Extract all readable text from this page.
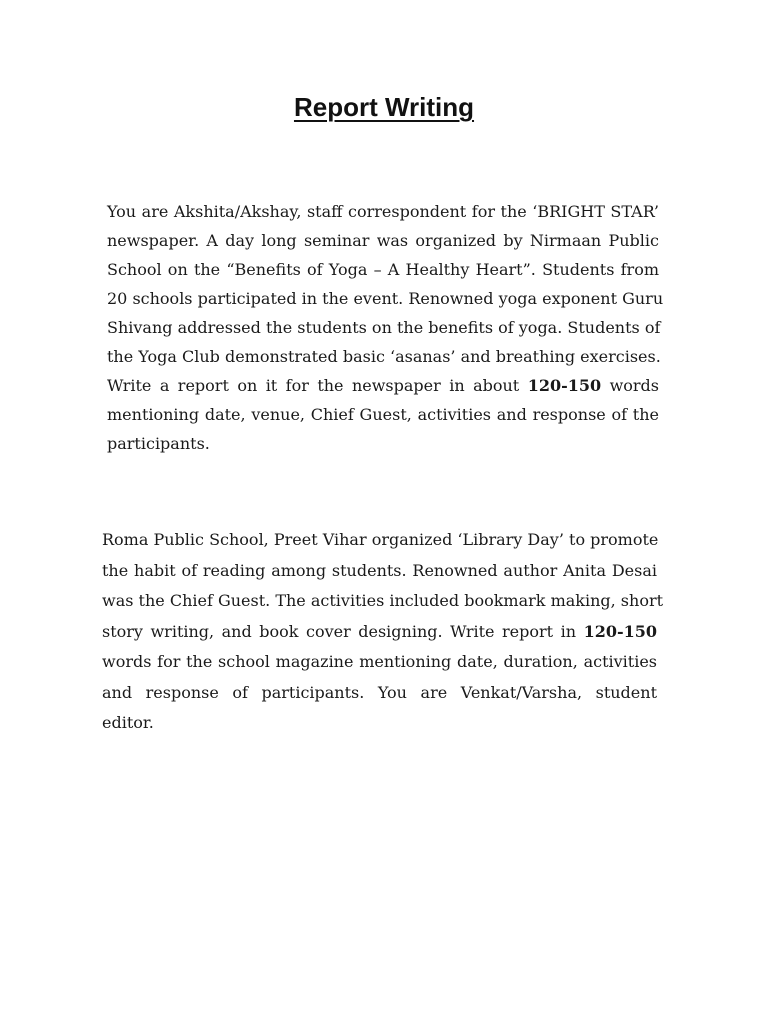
Report Writing
You are Akshita/Akshay, staff correspondent for the ‘BRIGHT STAR’
newspaper. A day long seminar was organized by Nirmaan Public
School on the “Benefits of Yoga – A Healthy Heart”. Students from
20 schools participated in the event. Renowned yoga exponent Guru
Shivang addressed the students on the benefits of yoga. Students of
the Yoga Club demonstrated basic ‘asanas’ and breathing exercises.
Write a report on it for the newspaper in about 120-150 words
mentioning date, venue, Chief Guest, activities and response of the
participants.
Roma Public School, Preet Vihar organized ‘Library Day’ to promote
the habit of reading among students. Renowned author Anita Desai
was the Chief Guest. The activities included bookmark making, short
story writing, and book cover designing. Write report in 120-150
words for the school magazine mentioning date, duration, activities
and response of participants. You are Venkat/Varsha, student
editor.
